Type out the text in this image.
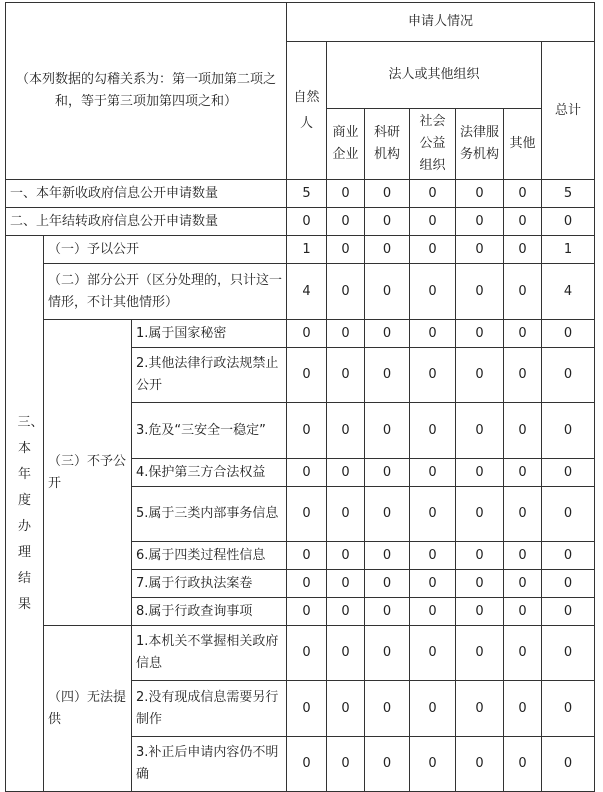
（本列数据的勾稽关系为：第一项加第二项之和，等于第三项加第四项之和）			申请人情况						
			自然人	法人或其他组织					总计
				商业企业	科研机构	社会公益组织	法律服务机构	其他	
一、本年新收政府信息公开申请数量			5	0	0	0	0	0	5
二、上年结转政府信息公开申请数量			0	0	0	0	0	0	0

三、本年度办理结果	（一）予以公开		1	0	0	0	0	0	1
	（二）部分公开（区分处理的，只计这一情形，不计其他情形）		4	0	0	0	0	0	4
	（三）不予公开	1.属于国家秘密	0	0	0	0	0	0	0
		2.其他法律行政法规禁止公开	0	0	0	0	0	0	0
		3.危及“三安全一稳定”	0	0	0	0	0	0	0
		4.保护第三方合法权益	0	0	0	0	0	0	0
		5.属于三类内部事务信息	0	0	0	0	0	0	0
		6.属于四类过程性信息	0	0	0	0	0	0	0
		7.属于行政执法案卷	0	0	0	0	0	0	0
		8.属于行政查询事项	0	0	0	0	0	0	0
	（四）无法提供	1.本机关不掌握相关政府信息	0	0	0	0	0	0	0
		2.没有现成信息需要另行制作	0	0	0	0	0	0	0
		3.补正后申请内容仍不明确	0	0	0	0	0	0	0
